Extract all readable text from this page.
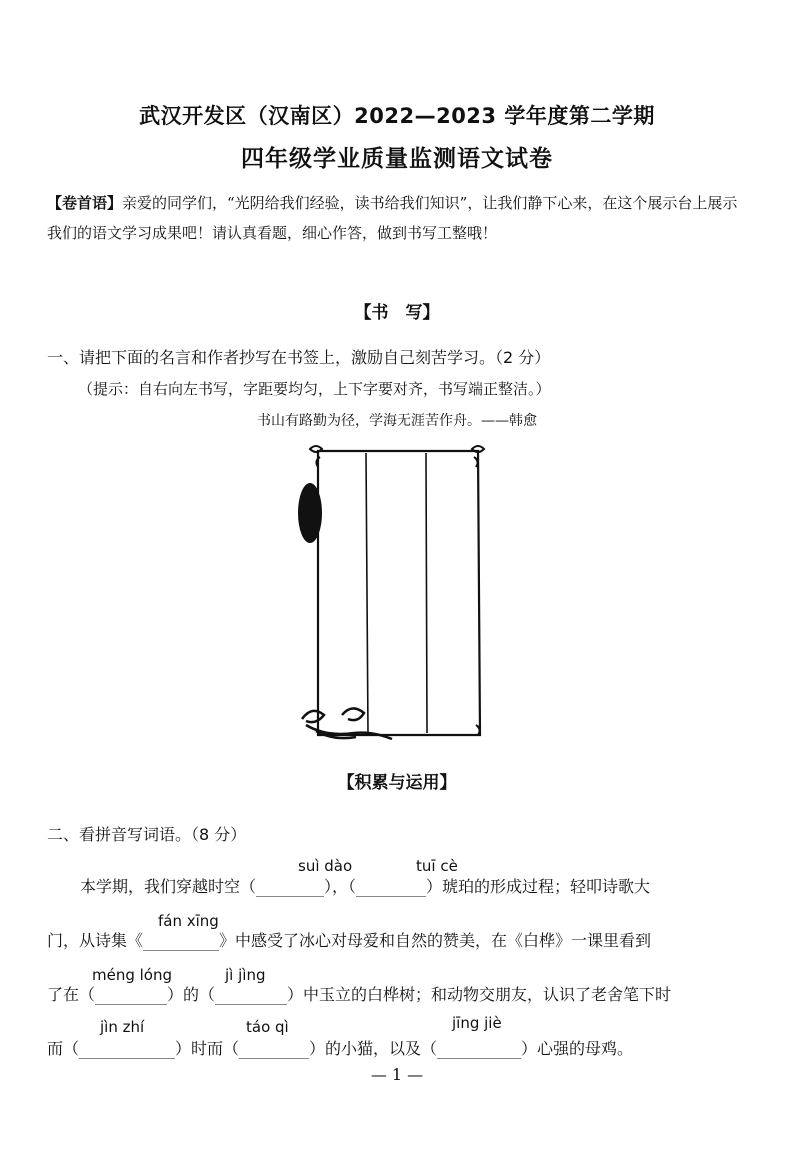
武汉开发区（汉南区）2022—2023 学年度第二学期
四年级学业质量监测语文试卷
【卷首语】亲爱的同学们，“光阴给我们经验，读书给我们知识”，让我们静下心来，在这个展示台上展示我们的语文学习成果吧！请认真看题，细心作答，做到书写工整哦！
【书　写】
一、请把下面的名言和作者抄写在书签上，激励自己刻苦学习。（2 分）
（提示：自右向左书写，字距要均匀，上下字要对齐，书写端正整洁。）
书山有路勤为径，学海无涯苦作舟。——韩愈
【积累与运用】
二、看拼音写词语。（8 分）
suì dào	tuī cè
fán xīng
méng lóng	jì jìng
jìn zhí	táo qì	jīng jiè
本学期，我们穿越时空（	），（	）琥珀的形成过程；轻叩诗歌大
门，从诗集《	》中感受了冰心对母爱和自然的赞美，在《白桦》一课里看到
了在（	）的（	）中玉立的白桦树；和动物交朋友，认识了老舍笔下时
而（	）时而（	）的小猫，以及（	）心强的母鸡。
— 1 —
